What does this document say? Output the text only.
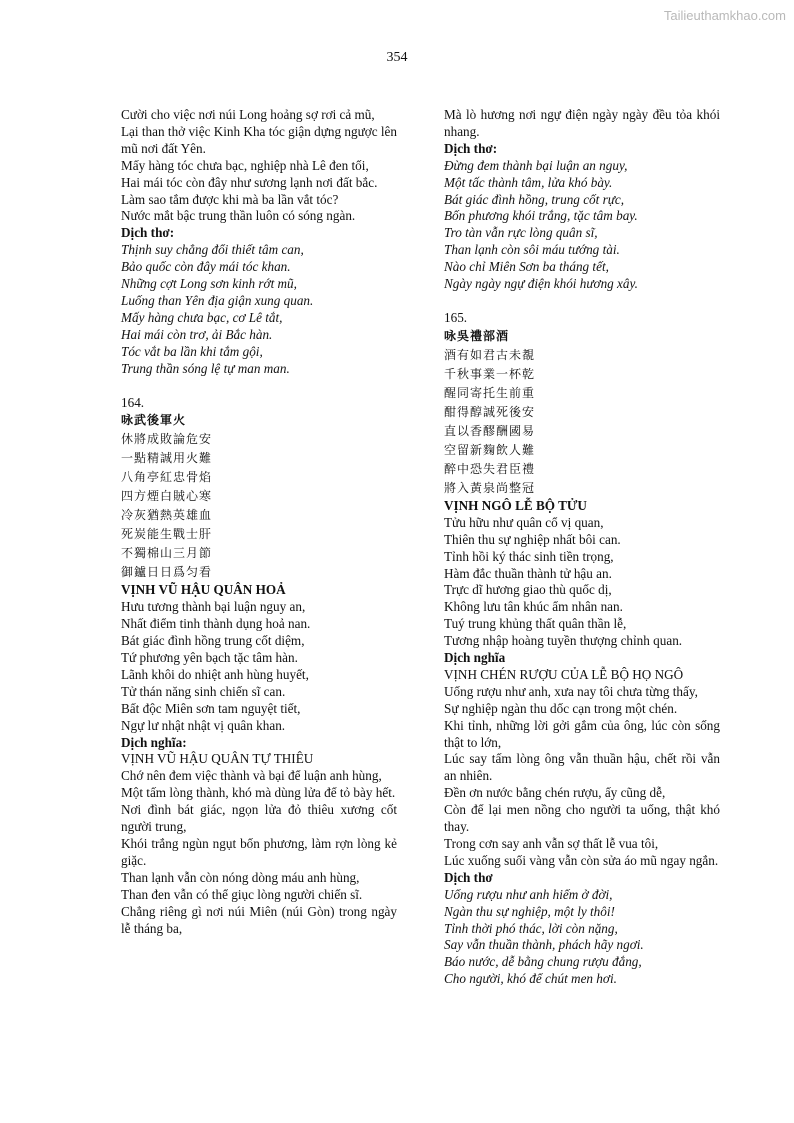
Tailieuthamkhao.com
354
Cười cho việc nơi núi Long hoảng sợ rơi cả mũ,
Lại than thở việc Kinh Kha tóc giận dựng ngược lên mũ nơi đất Yên.
Mấy hàng tóc chưa bạc, nghiệp nhà Lê đen tối,
Hai mái tóc còn đây như sương lạnh nơi đất bắc.
Làm sao tắm được khi mà ba lần vắt tóc?
Nước mắt bậc trung thần luôn có sóng ngàn.
Dịch thơ:
Thịnh suy chẳng đổi thiết tâm can,
Bảo quốc còn đây mái tóc khan.
Những cợt Long sơn kinh rớt mũ,
Luống than Yên địa giận xung quan.
Mấy hàng chưa bạc, cơ Lê tắt,
Hai mái còn trơ, ải Bắc hàn.
Tóc vắt ba lần khi tắm gội,
Trung thần sóng lệ tự man man.
164.
咏武後軍火
休將成敗論危安
一點精誠用火難
八角亭紅忠骨焰
四方煙白賊心寒
冷灰猶熱英雄血
死炭能生戰士肝
不獨棉山三月節
御鑪日日爲匀看
VỊNH VŨ HẬU QUÂN HOẢ
Hưu tương thành bại luận nguy an,
Nhất điểm tinh thành dụng hoả nan.
Bát giác đình hồng trung cốt diệm,
Tứ phương yên bạch tặc tâm hàn.
Lãnh khôi do nhiệt anh hùng huyết,
Tử thán năng sinh chiến sĩ can.
Bất độc Miên sơn tam nguyệt tiết,
Ngự lư nhật nhật vị quân khan.
Dịch nghĩa:
VỊNH VŨ HẬU QUÂN TỰ THIÊU
Chớ nên đem việc thành và bại để luận anh hùng,
Một tấm lòng thành, khó mà dùng lửa để tỏ bày hết.
Nơi đình bát giác, ngọn lửa đỏ thiêu xương cốt người trung,
Khói trắng ngùn ngụt bốn phương, làm rợn lòng kẻ giặc.
Than lạnh vẫn còn nóng dòng máu anh hùng,
Than đen vẫn có thể giục lòng người chiến sĩ.
Chẳng riêng gì nơi núi Miên (núi Gòn) trong ngày lễ tháng ba,
Mà lò hương nơi ngự điện ngày ngày đều tỏa khói nhang.
Dịch thơ:
Đừng đem thành bại luận an nguy,
Một tấc thành tâm, lửa khó bày.
Bát giác đình hồng, trung cốt rực,
Bốn phương khói trắng, tặc tâm bay.
Tro tàn vẫn rực lòng quân sĩ,
Than lạnh còn sôi máu tướng tài.
Nào chỉ Miên Sơn ba tháng tết,
Ngày ngày ngự điện khói hương xây.
165.
咏吳禮部酒
酒有如君古未覩
千秋事業一杯乾
醒同寄托生前重
酣得醇誠死後安
直以香醪酬國易
空留新麴飲人難
醉中恐失君臣禮
將入黃泉尚整冠
VỊNH NGÔ LỄ BỘ TỬU
Tửu hữu như quân cổ vị quan,
Thiên thu sự nghiệp nhất bôi can.
Tỉnh hồi ký thác sinh tiền trọng,
Hàm đắc thuần thành tử hậu an.
Trực dĩ hương giao thù quốc dị,
Không lưu tân khúc ẩm nhân nan.
Tuý trung khủng thất quân thần lễ,
Tương nhập hoàng tuyền thượng chỉnh quan.
Dịch nghĩa
VỊNH CHÉN RƯỢU CỦA LỄ BỘ HỌ NGÔ
Uống rượu như anh, xưa nay tôi chưa từng thấy,
Sự nghiệp ngàn thu dốc cạn trong một chén.
Khi tỉnh, những lời gởi gắm của ông, lúc còn sống thật to lớn,
Lúc say tấm lòng ông vẫn thuần hậu, chết rồi vẫn an nhiên.
Đền ơn nước bằng chén rượu, ấy cũng dễ,
Còn để lại men nồng cho người ta uống, thật khó thay.
Trong cơn say anh vẫn sợ thất lễ vua tôi,
Lúc xuống suối vàng vẫn còn sửa áo mũ ngay ngắn.
Dịch thơ
Uống rượu như anh hiếm ở đời,
Ngàn thu sự nghiệp, một ly thôi!
Tỉnh thời phó thác, lời còn nặng,
Say vẫn thuần thành, phách hãy ngơi.
Báo nước, dễ bằng chung rượu đắng,
Cho người, khó để chút men hơi.
